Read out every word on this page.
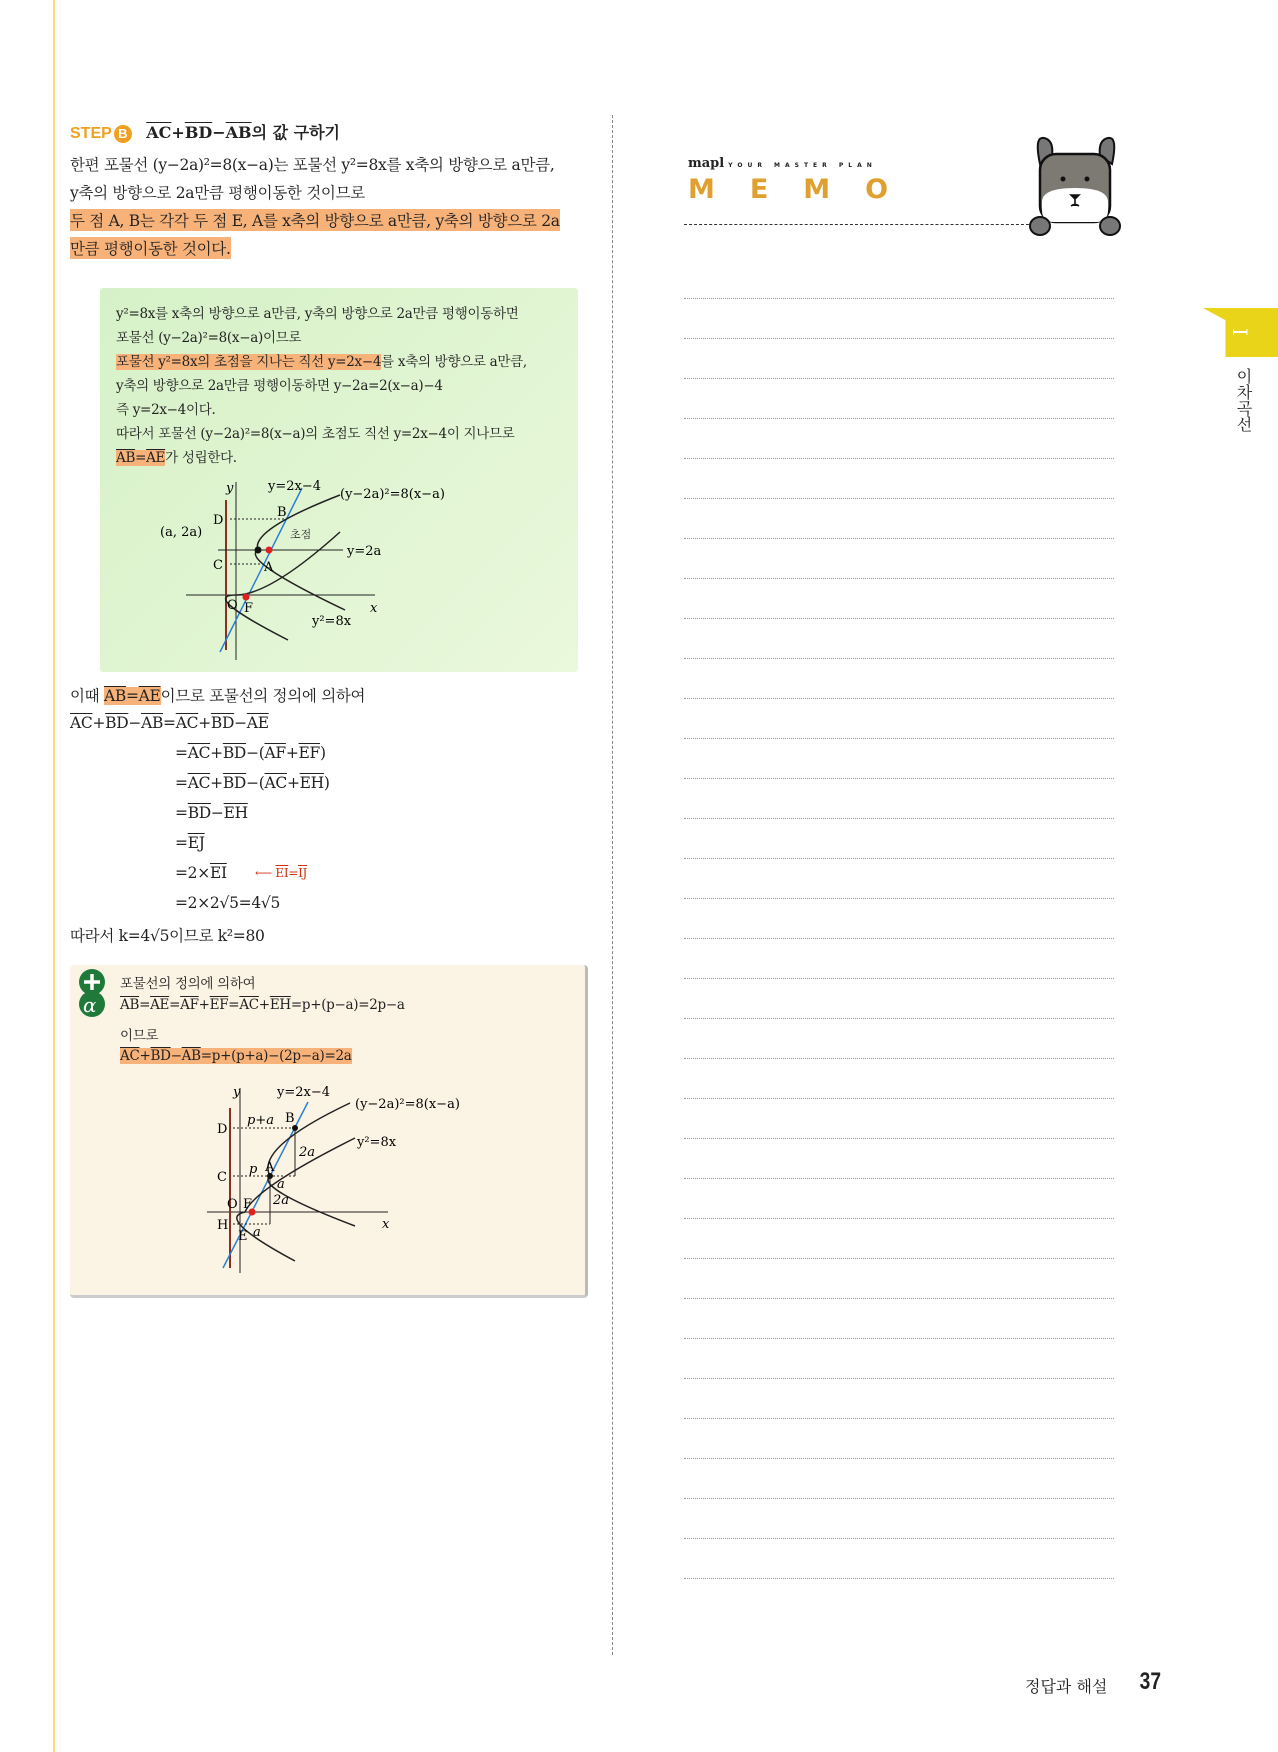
STEP B $\overline{AC}+\overline{BD}-\overline{AB}$의 값 구하기
한편 포물선 (y−2a)²=8(x−a)는 포물선 y²=8x를 x축의 방향으로 a만큼,
y축의 방향으로 2a만큼 평행이동한 것이므로
두 점 A, B는 각각 두 점 E, A를 x축의 방향으로 a만큼, y축의 방향으로 2a
만큼 평행이동한 것이다.
y²=8x를 x축의 방향으로 a만큼, y축의 방향으로 2a만큼 평행이동하면
포물선 (y−2a)²=8(x−a)이므로
포물선 y²=8x의 초점을 지나는 직선 y=2x−4를 x축의 방향으로 a만큼,
y축의 방향으로 2a만큼 평행이동하면 y−2a=2(x−a)−4
즉 y=2x−4이다.
따라서 포물선 (y−2a)²=8(x−a)의 초점도 직선 y=2x−4이 지나므로
$\overline{AB}=\overline{AE}$가 성립한다.
y
x
y=2x−4
(y−2a)²=8(x−a)
(a, 2a)	초점
y=2a
y²=8x
D
B
C	A
O F
이때 $\overline{AB}=\overline{AE}$이므로 포물선의 정의에 의하여
$\overline{AC}+\overline{BD}-\overline{AB}=\overline{AC}+\overline{BD}-\overline{AE}$
$=\overline{AC}+\overline{BD}-(\overline{AF}+\overline{EF})$
$=\overline{AC}+\overline{BD}-(\overline{AC}+\overline{EH})$
$=\overline{BD}-\overline{EH}$
$=\overline{EJ}$
$=2\times\overline{EI}$ ⟵ $\overline{EI}=\overline{IJ}$
=2×2√5=4√5
따라서 k=4√5이므로 k²=80
α
포물선의 정의에 의하여
$\overline{AB}=\overline{AE}=\overline{AF}+\overline{EF}=\overline{AC}+\overline{EH}=p+(p-a)=2p-a$
이므로
$\overline{AC}+\overline{BD}-\overline{AB}=p+(p+a)-(2p-a)=2a$
y
x
y=2x−4
(y−2a)²=8(x−a)
y²=8x
p+a
p
2a
2a
a
a
D
B
C
A
O F
H
E
mapl YOUR MASTER PLAN
MEMO
I
이차곡선
정답과 해설 37
